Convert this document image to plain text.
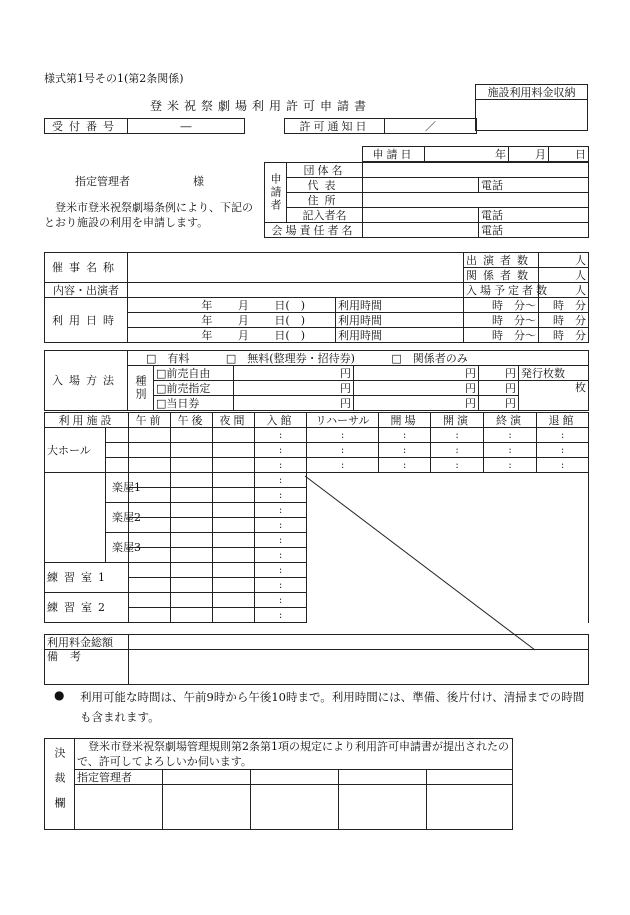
様式第1号その1(第2条関係)
登米祝祭劇場利用許可申請書
施設利用料金収納

受付番号	―		許可通知日	／
申請日	年	月	日
指定管理者	様
登米市登米祝祭劇場条例により、下記のとおり施設の利用を申請します。
申請者	団体名		
	代表		電話
	住所		
	記入者名		電話
会場責任者名			電話
催事名称			出演者数	人
			関係者数	人
内容・出演者			入場予定者数	人
利用日時	年　　 月　　 日(　)	利用時間	時　分～	時　分
	年　　 月　　 日(　)	利用時間	時　分～	時　分
	年　　 月　　 日(　)	利用時間	時　分～	時　分
入場方法	□　有料　　　 □　無料(整理券・招待券)　　　 □　関係者のみ					
	種別	□前売自由	円	円	円	発行枚数
		□前売指定	円	円	円	枚
		□当日券	円	円	円	
利用施設		午前	午後	夜間	入館	リハーサル	開場	開演	終演	退館	
大ホール					:	:	:	:	:	:	
					:	:	:	:	:	:	
					:	:	:	:	:	:	
	楽屋1				:		
					:		
	楽屋2				:		
					:		
	楽屋3				:		
					:		
練習室1					:		
					:		
練習室2					:		
					:		
利用料金総額	
備考	
● 利用可能な時間は、午前9時から午後10時まで。利用時間には、準備、後片付け、清掃までの時間も含まれます。
決裁欄	登米市登米祝祭劇場管理規則第2条第1項の規定により利用許可申請書が提出されたので、許可してよろしいか伺います。				
	指定管理者				
